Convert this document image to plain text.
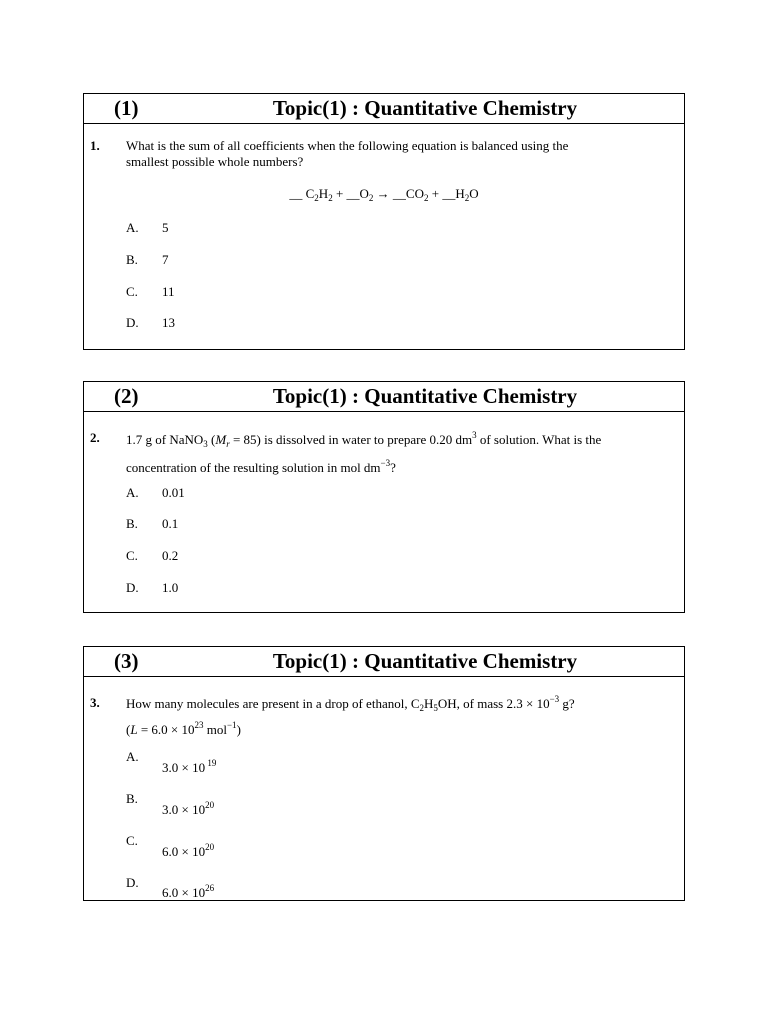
(1)	Topic(1) : Quantitative Chemistry
1. What is the sum of all coefficients when the following equation is balanced using the
smallest possible whole numbers?
__ $C_2H_2$ + $\_\_O_2$ → $\_\_CO_2$ + $\_\_H_2O$
A. 5
B. 7
C. 11
D. 13
(2)	Topic(1) : Quantitative Chemistry
2. 1.7 g of NaNO$_3$ $(M_r = 85)$ is dissolved in water to prepare 0.20 $dm^3$ of solution. What is the
concentration of the resulting solution in mol $dm^{-3}$?
A. 0.01
B. 0.1
C. 0.2
D. 1.0
(3)	Topic(1) : Quantitative Chemistry
3. How many molecules are present in a drop of ethanol, $C_2H_5OH$, of mass $2.3 \times 10^{-3}$ g?
($L = 6.0 \times 10^{23}$ mol$^{-1}$)
A.
3.0 × 10 $^{19}$
B.
$3.0 \times 10^{20}$
C.
$6.0 \times 10^{20}$
D.
$6.0 \times 10^{26}$
